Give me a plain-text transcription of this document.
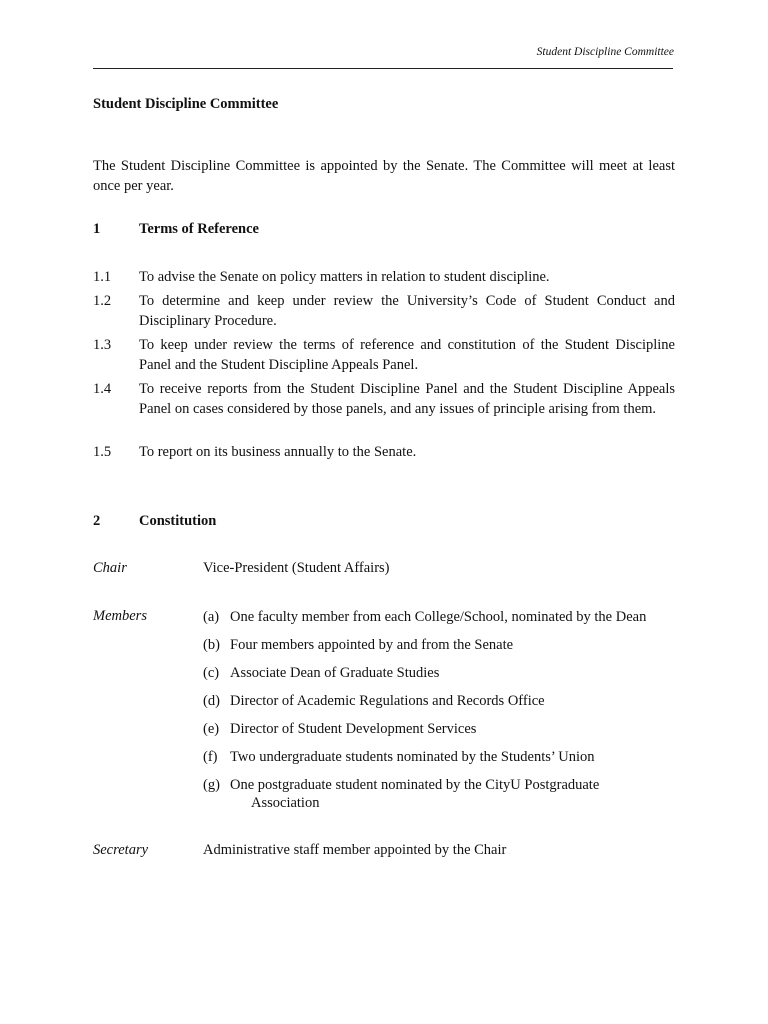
Student Discipline Committee
Student Discipline Committee

The Student Discipline Committee is appointed by the Senate. The Committee will meet at least once per year.

1	Terms of Reference
1.1 To advise the Senate on policy matters in relation to student discipline.
1.2 To determine and keep under review the University’s Code of Student Conduct and Disciplinary Procedure.
1.3 To keep under review the terms of reference and constitution of the Student Discipline Panel and the Student Discipline Appeals Panel.
1.4 To receive reports from the Student Discipline Panel and the Student Discipline Appeals Panel on cases considered by those panels, and any issues of principle arising from them.
1.5 To report on its business annually to the Senate.
2	Constitution
Chair	Vice-President (Student Affairs)
Members	(a) One faculty member from each College/School, nominated by the Dean
(b) Four members appointed by and from the Senate
(c) Associate Dean of Graduate Studies
(d) Director of Academic Regulations and Records Office
(e) Director of Student Development Services
(f) Two undergraduate students nominated by the Students’ Union
(g) One postgraduate student nominated by the CityU Postgraduate
Association
Secretary	Administrative staff member appointed by the Chair
